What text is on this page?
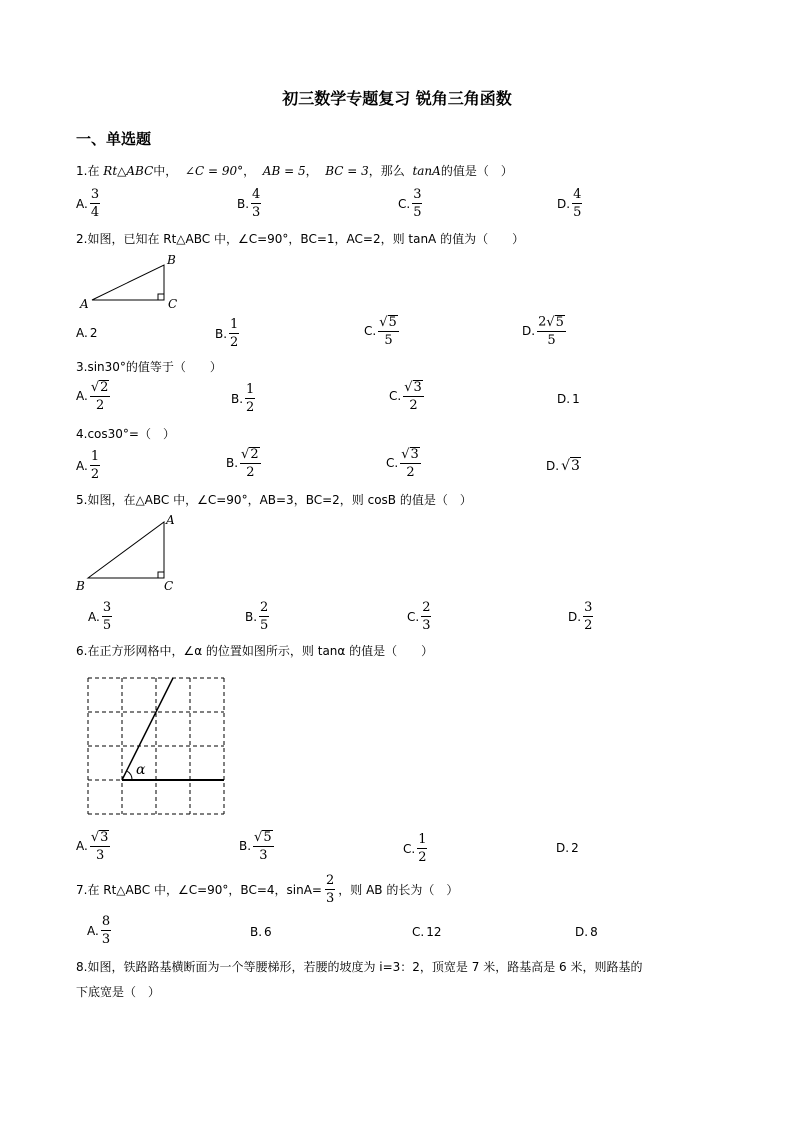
初三数学专题复习 锐角三角函数
一、单选题
1.在 Rt△ABC中， ∠C = 90°， AB = 5， BC = 3，那么 tanA的值是（　）
A. $\frac{3}{4}$	B. $\frac{4}{3}$	C. $\frac{3}{5}$	D. $\frac{4}{5}$
2.如图，已知在 Rt△ABC 中，∠C=90°，BC=1，AC=2，则 tanA 的值为（　　）
A
B
C
A. 2	B. $\frac{1}{2}$	C. $\frac{√ 5}{5}$	D. $\frac{2√ 5}{5}$
3.sin30°的值等于（　　）
A. $\frac{√ 2}{2}$	B. $\frac{1}{2}$	C. $\frac{√ 3}{2}$	D. 1
4.cos30°=（　）
A. $\frac{1}{2}$	B. $\frac{√ 2}{2}$	C. $\frac{√ 3}{2}$	D. √ 3
5.如图，在△ABC 中，∠C=90°，AB=3，BC=2，则 cosB 的值是（　）
A
B	C
A. $\frac{3}{5}$	B. $\frac{2}{5}$	C. $\frac{2}{3}$	D. $\frac{3}{2}$
6.在正方形网格中，∠α 的位置如图所示，则 tanα 的值是（　　）
α
A. $\frac{√ 3}{3}$	B. $\frac{√ 5}{3}$	C. $\frac{1}{2}$	D. 2
7.在 Rt△ABC 中，∠C=90°，BC=4，$\sin A= \frac{2}{3}$ ，则 AB 的长为（　）
A. $\frac{8}{3}$	B. 6	C. 12	D. 8
8.如图，铁路路基横断面为一个等腰梯形，若腰的坡度为 i=3：2，顶宽是 7 米，路基高是 6 米，则路基的
下底宽是（　）
